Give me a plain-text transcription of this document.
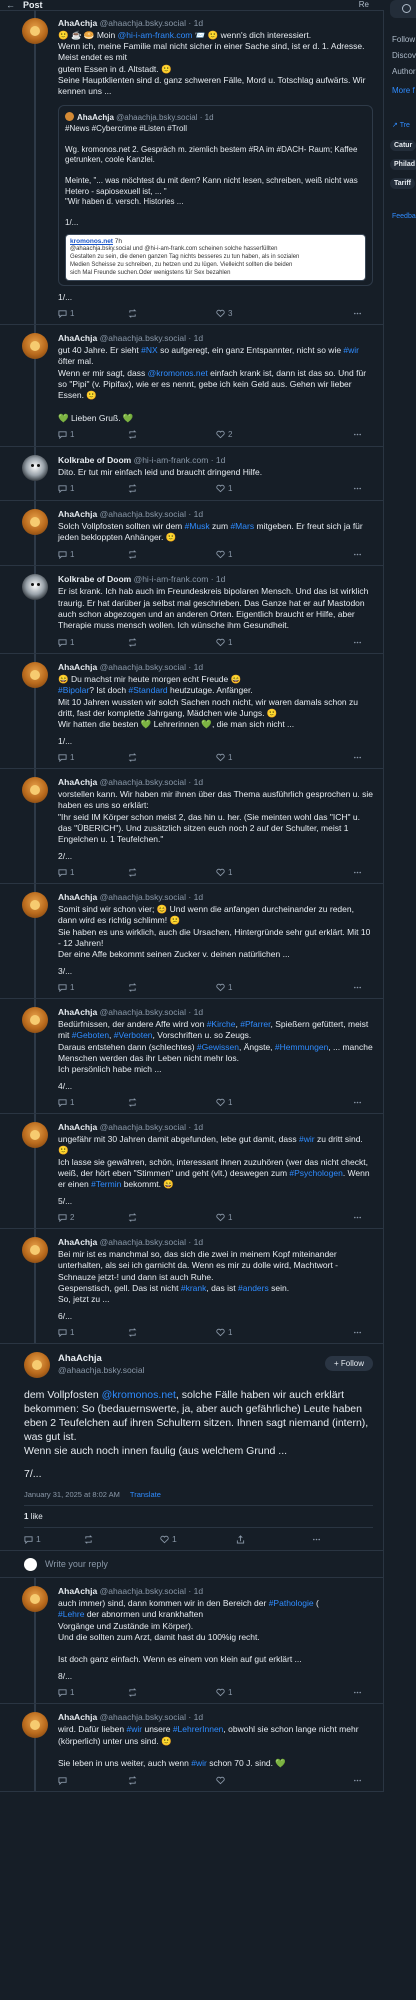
← Post	Re
AhaAchja @ahaachja.bsky.social · 1d
🙂 ☕ 🥯 Moin @hi-i-am-frank.com 📨 🙂 wenn's dich interessiert.
Wenn ich, meine Familie mal nicht sicher in einer Sache sind, ist er d. 1. Adresse. Meist endet es mit
gutem Essen in d. Altstadt. 🙂
Seine Hauptklienten sind d. ganz schweren Fälle, Mord u. Totschlag aufwärts. Wir kennen uns ...
AhaAchja @ahaachja.bsky.social · 1d
#News #Cybercrime #Listen #Troll

Wg. kromonos.net 2. Gespräch m. ziemlich bestem #RA im #DACH- Raum; Kaffee getrunken, coole Kanzlei.

Meinte, "... was möchtest du mit dem? Kann nicht lesen, schreiben, weiß nicht was Hetero - sapiosexuell ist, ... "
"Wir haben d. versch. Histories ...

1/...
kromonos.net 7h
@ahaachja.bsky.social und @hi-i-am-frank.com scheinen solche hasserfüllten
Gestalten zu sein, die denen ganzen Tag nichts besseres zu tun haben, als in sozialen
Medien Scheisse zu schreiben, zu hetzen und zu lügen. Vielleicht sollten die beiden
sich Mal Freunde suchen.Oder wenigstens für Sex bezahlen
1/...
1	3
AhaAchja @ahaachja.bsky.social · 1d
gut 40 Jahre. Er sieht #NX so aufgeregt, ein ganz Entspannter, nicht so wie #wir öfter mal.
Wenn er mir sagt, dass @kromonos.net einfach krank ist, dann ist das so. Und für so "Pipi" (v. Pipifax), wie er es nennt, gebe ich kein Geld aus. Gehen wir lieber Essen. 🙂

💚 Lieben Gruß. 💚
1	2
Kolkrabe of Doom @hi-i-am-frank.com · 1d
Dito. Er tut mir einfach leid und braucht dringend Hilfe.
1	1
AhaAchja @ahaachja.bsky.social · 1d
Solch Vollpfosten sollten wir dem #Musk zum #Mars mitgeben. Er freut sich ja für jeden bekloppten Anhänger. 🙂
1	1
Kolkrabe of Doom @hi-i-am-frank.com · 1d
Er ist krank. Ich hab auch im Freundeskreis bipolaren Mensch. Und das ist wirklich traurig. Er hat darüber ja selbst mal geschrieben. Das Ganze hat er auf Mastodon auch schon abgezogen und an anderen Orten. Eigentlich braucht er Hilfe, aber Therapie muss mensch wollen. Ich wünsche ihm Gesundheit.
1	1
AhaAchja @ahaachja.bsky.social · 1d
😄 Du machst mir heute morgen echt Freude 😄
#Bipolar? Ist doch #Standard heutzutage. Anfänger.
Mit 10 Jahren wussten wir solch Sachen noch nicht, wir waren damals schon zu dritt, fast der komplette Jahrgang, Mädchen wie Jungs. 🙂
Wir hatten die besten 💚 Lehrerinnen 💚, die man sich nicht ...
1/...
1	1
AhaAchja @ahaachja.bsky.social · 1d
vorstellen kann. Wir haben mir ihnen über das Thema ausführlich gesprochen u. sie haben es uns so erklärt:
"Ihr seid IM Körper schon meist 2, das hin u. her. (Sie meinten wohl das "ICH" u. das "ÜBERICH"). Und zusätzlich sitzen euch noch 2 auf der Schulter, meist 1 Engelchen u. 1 Teufelchen."
2/...
1	1
AhaAchja @ahaachja.bsky.social · 1d
Somit sind wir schon vier; 😊 Und wenn die anfangen durcheinander zu reden, dann wird es richtig schlimm! 😕
Sie haben es uns wirklich, auch die Ursachen, Hintergründe sehr gut erklärt. Mit 10 - 12 Jahren!
Der eine Affe bekommt seinen Zucker v. deinen natürlichen ...
3/...
1	1
AhaAchja @ahaachja.bsky.social · 1d
Bedürfnissen, der andere Affe wird von #Kirche, #Pfarrer, Spießern gefüttert, meist mit #Geboten, #Verboten, Vorschriften u. so Zeugs.
Daraus entstehen dann (schlechtes) #Gewissen, Ängste, #Hemmungen, ... manche Menschen werden das ihr Leben nicht mehr los.
Ich persönlich habe mich ...
4/...
1	1
AhaAchja @ahaachja.bsky.social · 1d
ungefähr mit 30 Jahren damit abgefunden, lebe gut damit, dass #wir zu dritt sind. 🙂
Ich lasse sie gewähren, schön, interessant ihnen zuzuhören (wer das nicht checkt, weiß, der hört eben "Stimmen" und geht (vlt.) deswegen zum #Psychologen. Wenn er einen #Termin bekommt. 😄
5/...
2	1
AhaAchja @ahaachja.bsky.social · 1d
Bei mir ist es manchmal so, das sich die zwei in meinem Kopf miteinander unterhalten, als sei ich garnicht da. Wenn es mir zu dolle wird, Machtwort -Schnauze jetzt-! und dann ist auch Ruhe.
Gespenstisch, gell. Das ist nicht #krank, das ist #anders sein.
So, jetzt zu ...
6/...
1	1
AhaAchja
@ahaachja.bsky.social
+ Follow
dem Vollpfosten @kromonos.net, solche Fälle haben wir auch erklärt bekommen: So (bedauernswerte, ja, aber auch gefährliche) Leute haben eben 2 Teufelchen auf ihren Schultern sitzen. Ihnen sagt niemand (intern), was gut ist.
Wenn sie auch noch innen faulig (aus welchem Grund ...
7/...
January 31, 2025 at 8:02 AM Translate
1 like
1	1
Write your reply
AhaAchja @ahaachja.bsky.social · 1d
auch immer) sind, dann kommen wir in den Bereich der #Pathologie (
#Lehre der abnormen und krankhaften
Vorgänge und Zustände im Körper).
Und die sollten zum Arzt, damit hast du 100%ig recht.

Ist doch ganz einfach. Wenn es einem von klein auf gut erklärt ...
8/...
1	1
AhaAchja @ahaachja.bsky.social · 1d
wird. Dafür lieben #wir unsere #LehrerInnen, obwohl sie schon lange nicht mehr (körperlich) unter uns sind. 🙂

Sie leben in uns weiter, auch wenn #wir schon 70 J. sind. 💚
Follow
Discov
Author
More f
↗ Tre
Catur
Philad
Tariff
Feedba
